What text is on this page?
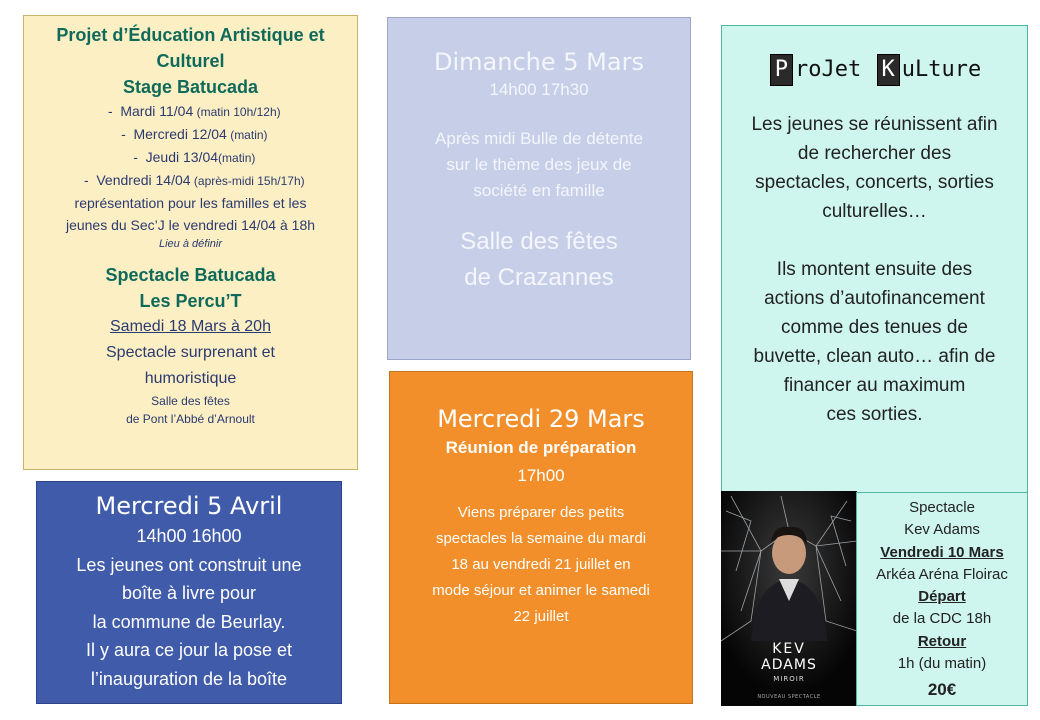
Projet d’Éducation Artistique et
Culturel
Stage Batucada
- Mardi 11/04 (matin 10h/12h)
- Mercredi 12/04 (matin)
- Jeudi 13/04(matin)
- Vendredi 14/04 (après-midi 15h/17h)
représentation pour les familles et les
jeunes du Sec’J le vendredi 14/04 à 18h
Lieu à définir
Spectacle Batucada
Les Percu’T
Samedi 18 Mars à 20h
Spectacle surprenant et
humoristique
Salle des fêtes
de Pont l’Abbé d’Arnoult
Dimanche 5 Mars
14h00 17h30
Après midi Bulle de détente
sur le thème des jeux de
société en famille
Salle des fêtes
de Crazannes
Mercredi 29 Mars
Réunion de préparation
17h00
Viens préparer des petits
spectacles la semaine du mardi
18 au vendredi 21 juillet en
mode séjour et animer le samedi
22 juillet
Mercredi 5 Avril
14h00 16h00
Les jeunes ont construit une
boîte à livre pour
la commune de Beurlay.
Il y aura ce jour la pose et
l’inauguration de la boîte
P roJet K uLture
Les jeunes se réunissent afin
de rechercher des
spectacles, concerts, sorties
culturelles…
Ils montent ensuite des
actions d’autofinancement
comme des tenues de
buvette, clean auto… afin de
financer au maximum
ces sorties.
KEV
ADAMS
MIROIR
NOUVEAU SPECTACLE
Spectacle
Kev Adams
Vendredi 10 Mars
Arkéa Aréna Floirac
Départ
de la CDC 18h
Retour
1h (du matin)
20€
